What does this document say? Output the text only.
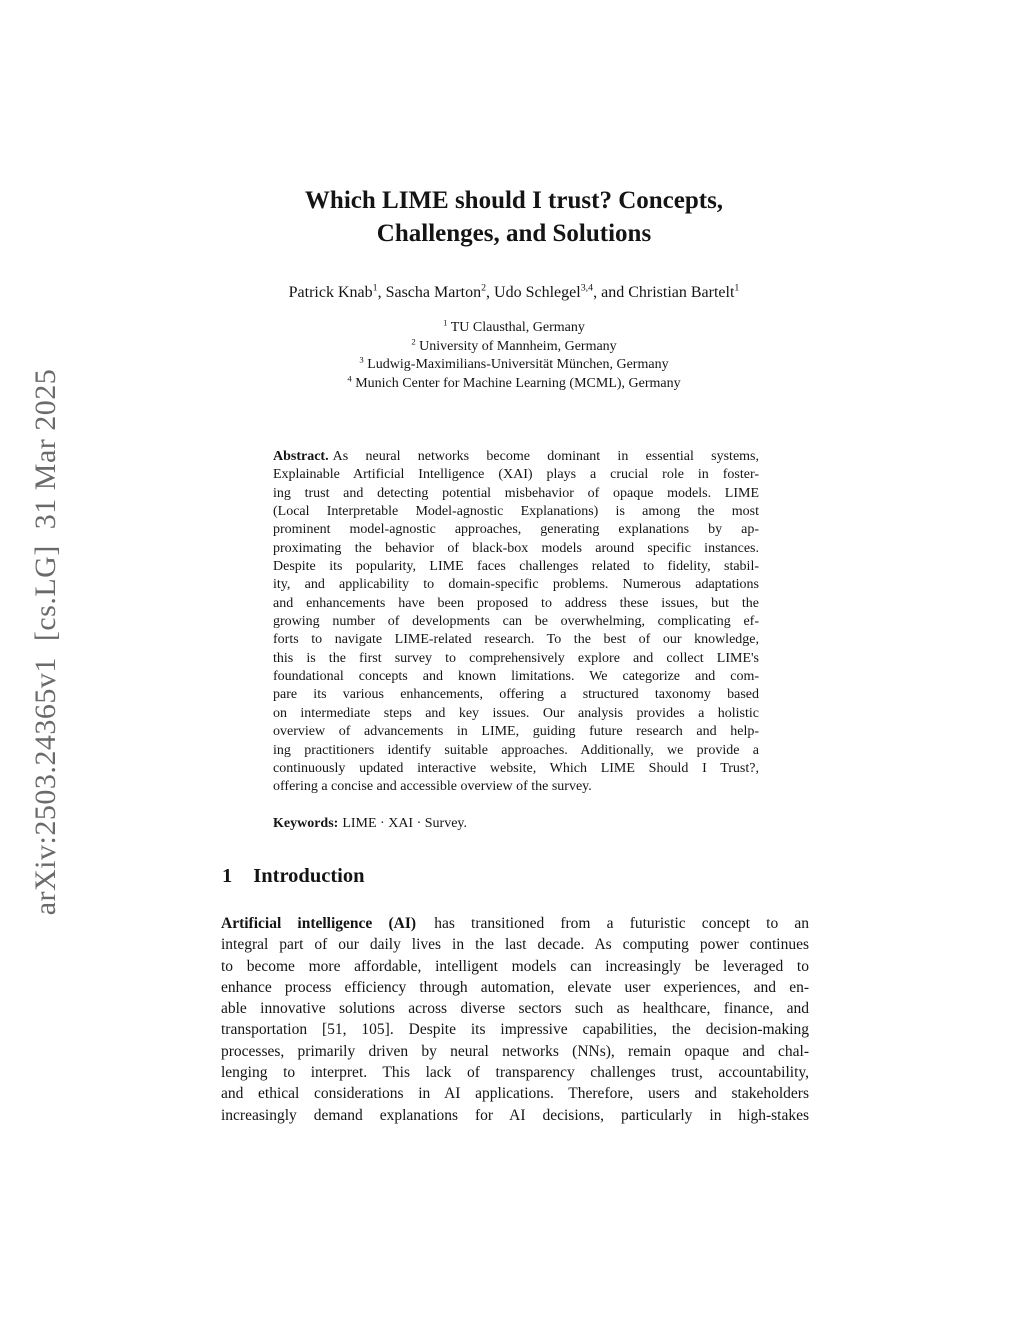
arXiv:2503.24365v1  [cs.LG]  31 Mar 2025
Which LIME should I trust? Concepts,
Challenges, and Solutions
Patrick Knab$^1$, Sascha Marton$^2$, Udo Schlegel$^{3,4}$, and Christian Bartelt$^1$
$^1$ TU Clausthal, Germany
$^2$ University of Mannheim, Germany
$^3$ Ludwig-Maximilians-Universität München, Germany
$^4$ Munich Center for Machine Learning (MCML), Germany
Abstract. As neural networks become dominant in essential systems,
Explainable Artificial Intelligence (XAI) plays a crucial role in foster-
ing trust and detecting potential misbehavior of opaque models. LIME
(Local Interpretable Model-agnostic Explanations) is among the most
prominent model-agnostic approaches, generating explanations by ap-
proximating the behavior of black-box models around specific instances.
Despite its popularity, LIME faces challenges related to fidelity, stabil-
ity, and applicability to domain-specific problems. Numerous adaptations
and enhancements have been proposed to address these issues, but the
growing number of developments can be overwhelming, complicating ef-
forts to navigate LIME-related research. To the best of our knowledge,
this is the first survey to comprehensively explore and collect LIME's
foundational concepts and known limitations. We categorize and com-
pare its various enhancements, offering a structured taxonomy based
on intermediate steps and key issues. Our analysis provides a holistic
overview of advancements in LIME, guiding future research and help-
ing practitioners identify suitable approaches. Additionally, we provide a
continuously updated interactive website, Which LIME Should I Trust?,
offering a concise and accessible overview of the survey.
Keywords: LIME · XAI · Survey.
1 Introduction
Artificial intelligence (AI) has transitioned from a futuristic concept to an
integral part of our daily lives in the last decade. As computing power continues
to become more affordable, intelligent models can increasingly be leveraged to
enhance process efficiency through automation, elevate user experiences, and en-
able innovative solutions across diverse sectors such as healthcare, finance, and
transportation [51, 105]. Despite its impressive capabilities, the decision-making
processes, primarily driven by neural networks (NNs), remain opaque and chal-
lenging to interpret. This lack of transparency challenges trust, accountability,
and ethical considerations in AI applications. Therefore, users and stakeholders
increasingly demand explanations for AI decisions, particularly in high-stakes
